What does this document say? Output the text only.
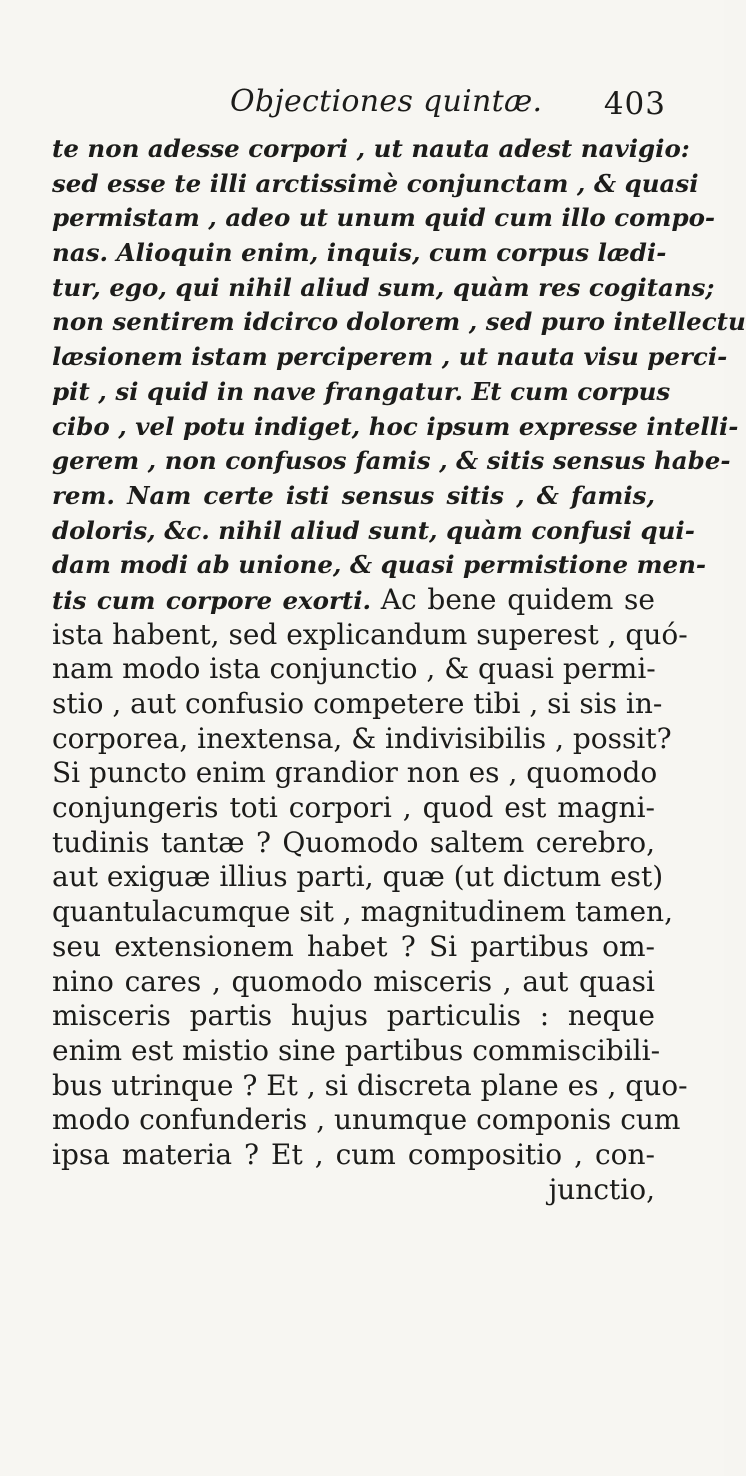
Objectiones quintæ. 403
te non adesse corpori , ut nauta adest navigio:
sed esse te illi arctissimè conjunctam , & quasi
permistam , adeo ut unum quid cum illo compo-
nas. Alioquin enim, inquis, cum corpus lædi-
tur, ego, qui nihil aliud sum, quàm res cogitans;
non sentirem idcirco dolorem , sed puro intellectu
læsionem istam perciperem , ut nauta visu perci-
pit , si quid in nave frangatur. Et cum corpus
cibo , vel potu indiget, hoc ipsum expresse intelli-
gerem , non confusos famis , & sitis sensus habe-
rem. Nam certe isti sensus sitis , & famis,
doloris, &c. nihil aliud sunt, quàm confusi qui-
dam modi ab unione, & quasi permistione men-
tis cum corpore exorti. Ac bene quidem se
ista habent, sed explicandum superest , quó-
nam modo ista conjunctio , & quasi permi-
stio , aut confusio competere tibi , si sis in-
corporea, inextensa, & indivisibilis , possit?
Si puncto enim grandior non es , quomodo
conjungeris toti corpori , quod est magni-
tudinis tantæ ? Quomodo saltem cerebro,
aut exiguæ illius parti, quæ (ut dictum est)
quantulacumque sit , magnitudinem tamen,
seu extensionem habet ? Si partibus om-
nino cares , quomodo misceris , aut quasi
misceris partis hujus particulis : neque
enim est mistio sine partibus commiscibili-
bus utrinque ? Et , si discreta plane es , quo-
modo confunderis , unumque componis cum
ipsa materia ? Et , cum compositio , con-
junctio,
